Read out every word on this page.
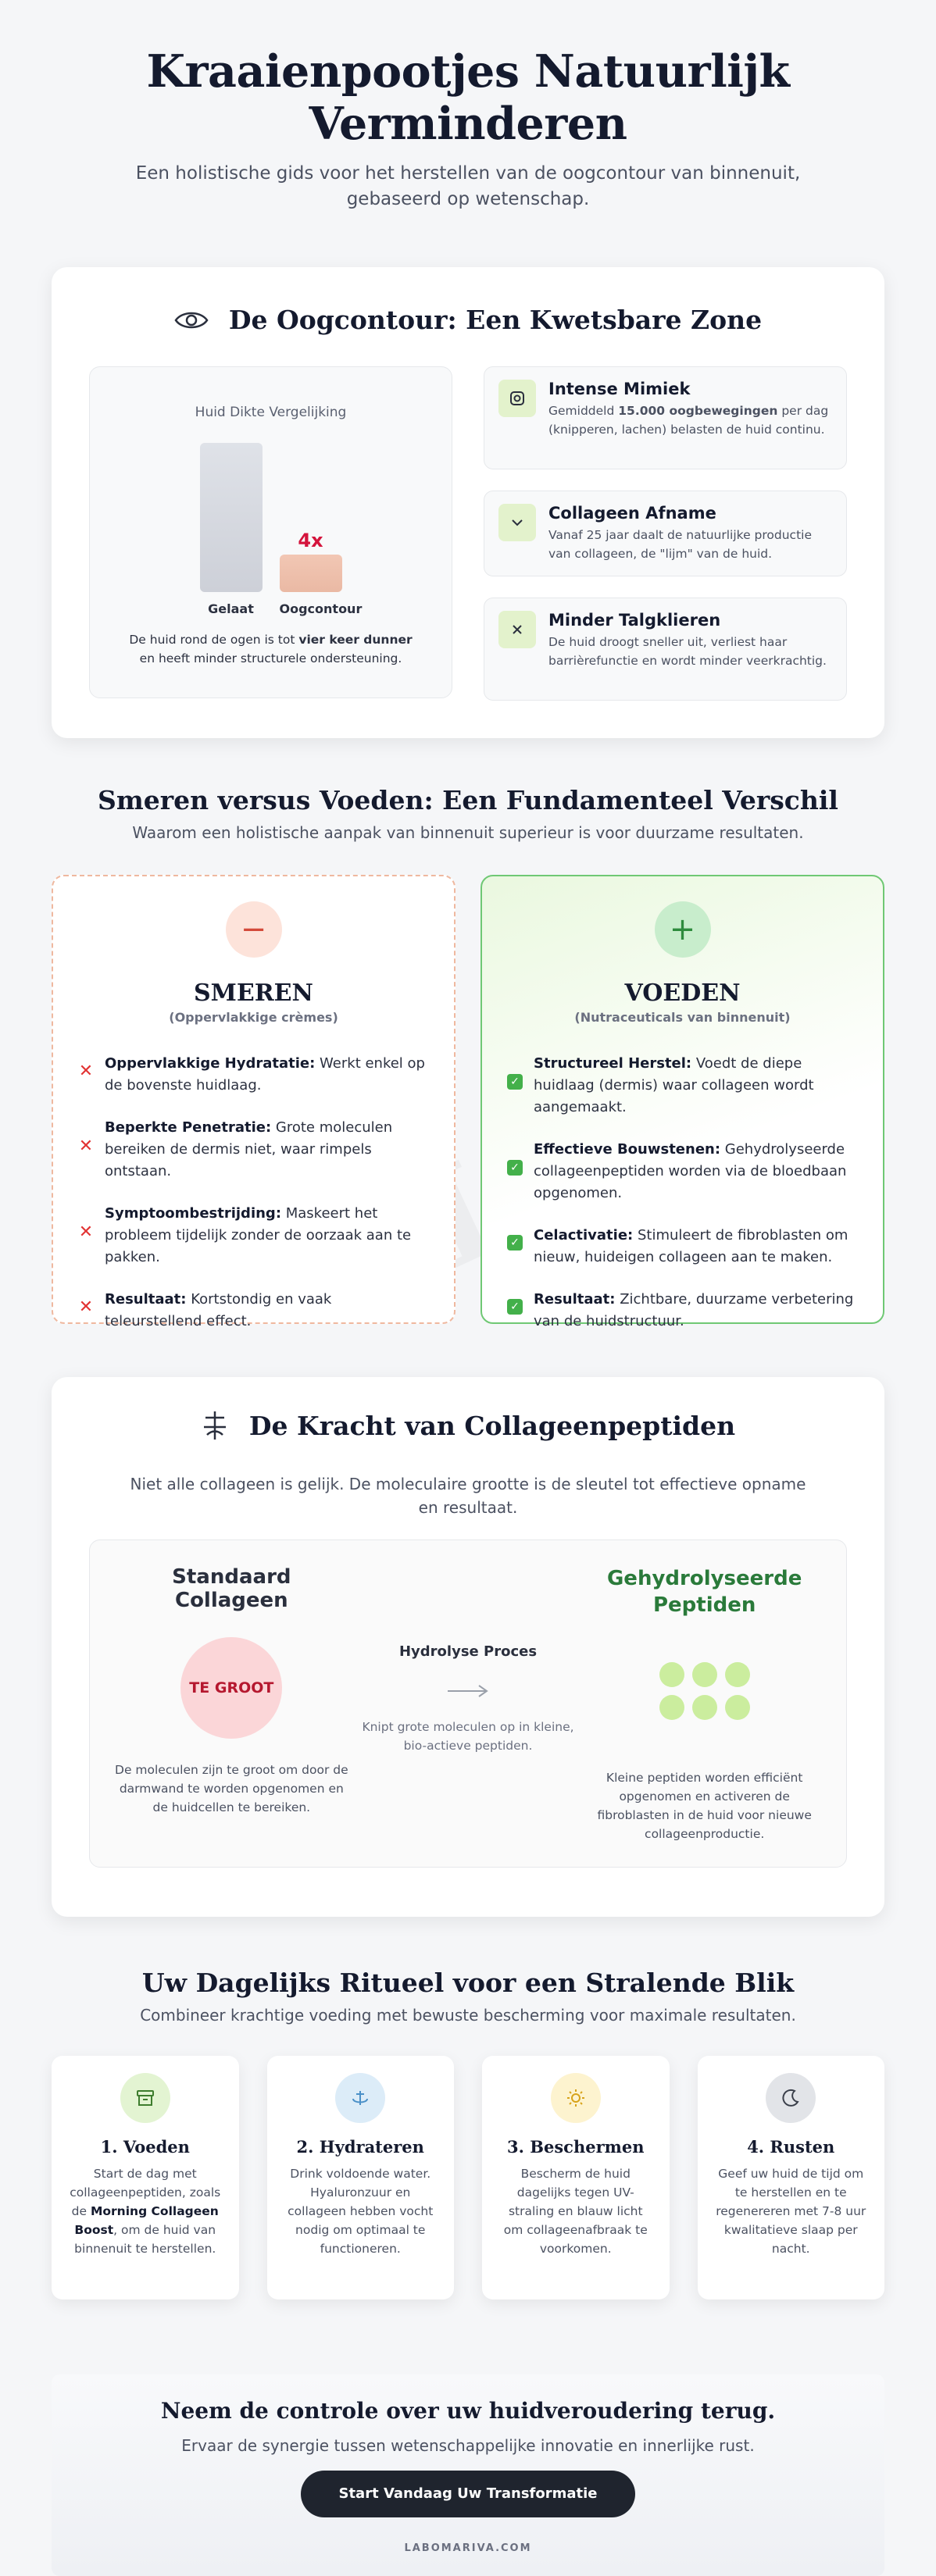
Kraaienpootjes Natuurlijk Verminderen

Een holistische gids voor het herstellen van de oogcontour van binnenuit,
gebaseerd op wetenschap.

De Oogcontour: Een Kwetsbare Zone
Huid Dikte Vergelijking
4x
Gelaat	Oogcontour
De huid rond de ogen is tot vier keer dunner
en heeft minder structurele ondersteuning.
Intense Mimiek

Gemiddeld 15.000 oogbewegingen per dag (knipperen, lachen) belasten de huid continu.

Collageen Afname

Vanaf 25 jaar daalt de natuurlijke productie van collageen, de "lijm" van de huid.

Minder Talgklieren

De huid droogt sneller uit, verliest haar barrièrefunctie en wordt minder veerkrachtig.

Smeren versus Voeden: Een Fundamenteel Verschil

Waarom een holistische aanpak van binnenuit superieur is voor duurzame resultaten.

−
SMEREN
(Oppervlakkige crèmes)
✕ Oppervlakkige Hydratatie: Werkt enkel op de bovenste huidlaag.

✕

Beperkte Penetratie: Grote moleculen bereiken de dermis niet, waar rimpels ontstaan.

✕

Symptoombestrijding: Maskeert het probleem tijdelijk zonder de oorzaak aan te pakken.

✕ Resultaat: Kortstondig en vaak teleurstellend effect.

+
VOEDEN
(Nutraceuticals van binnenuit)
✓

Structureel Herstel: Voedt de diepe huidlaag (dermis) waar collageen wordt aangemaakt.

✓

Effectieve Bouwstenen: Gehydrolyseerde collageenpeptiden worden via de bloedbaan opgenomen.

✓ Celactivatie: Stimuleert de fibroblasten om nieuw, huideigen collageen aan te maken.

✓ Resultaat: Zichtbare, duurzame verbetering van de huidstructuur.

De Kracht van Collageenpeptiden

Niet alle collageen is gelijk. De moleculaire grootte is de sleutel tot effectieve opname
en resultaat.

Standaard Collageen
TE GROOT

De moleculen zijn te groot om door de darmwand te worden opgenomen en de huidcellen te bereiken.

Hydrolyse Proces

Knipt grote moleculen op in kleine, bio-actieve peptiden.

Gehydrolyseerde
Peptiden

Kleine peptiden worden efficiënt opgenomen en activeren de fibroblasten in de huid voor nieuwe collageenproductie.

Uw Dagelijks Ritueel voor een Stralende Blik

Combineer krachtige voeding met bewuste bescherming voor maximale resultaten.

1. Voeden

Start de dag met collageenpeptiden, zoals de Morning Collageen Boost, om de huid van binnenuit te herstellen.

2. Hydrateren

Drink voldoende water. Hyaluronzuur en collageen hebben vocht nodig om optimaal te functioneren.

3. Beschermen

Bescherm de huid dagelijks tegen UV-straling en blauw licht om collageenafbraak te voorkomen.

4. Rusten

Geef uw huid de tijd om te herstellen en te regenereren met 7-8 uur kwalitatieve slaap per nacht.

Neem de controle over uw huidveroudering terug.

Ervaar de synergie tussen wetenschappelijke innovatie en innerlijke rust.

Start Vandaag Uw Transformatie
LABOMARIVA.COM
